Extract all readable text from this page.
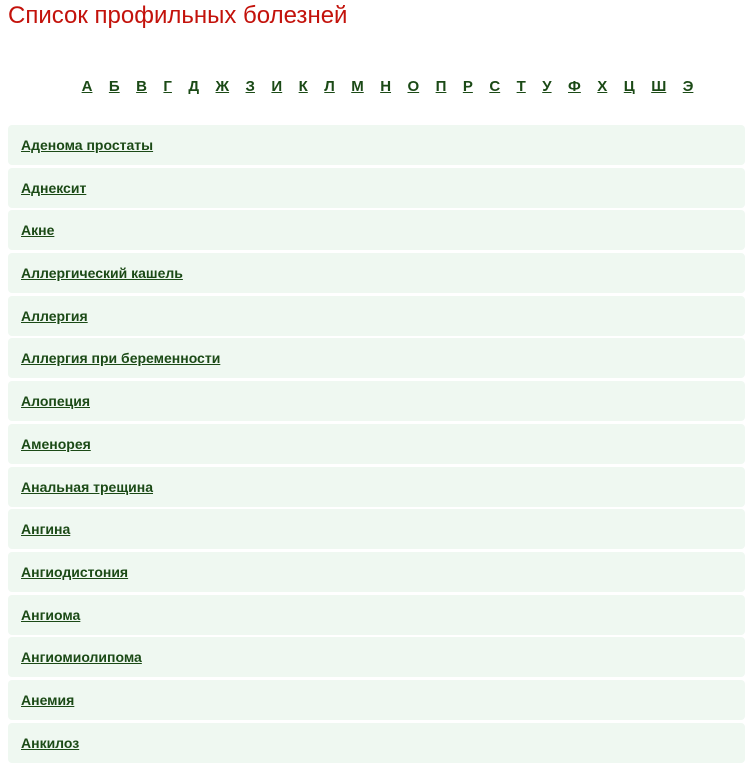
Список профильных болезней
А Б В Г Д Ж З И К Л М Н О П Р С Т У Ф Х Ц Ш Э
Аденома простаты
Аднексит
Акне
Аллергический кашель
Аллергия
Аллергия при беременности
Алопеция
Аменорея
Анальная трещина
Ангина
Ангиодистония
Ангиома
Ангиомиолипома
Анемия
Анкилоз
